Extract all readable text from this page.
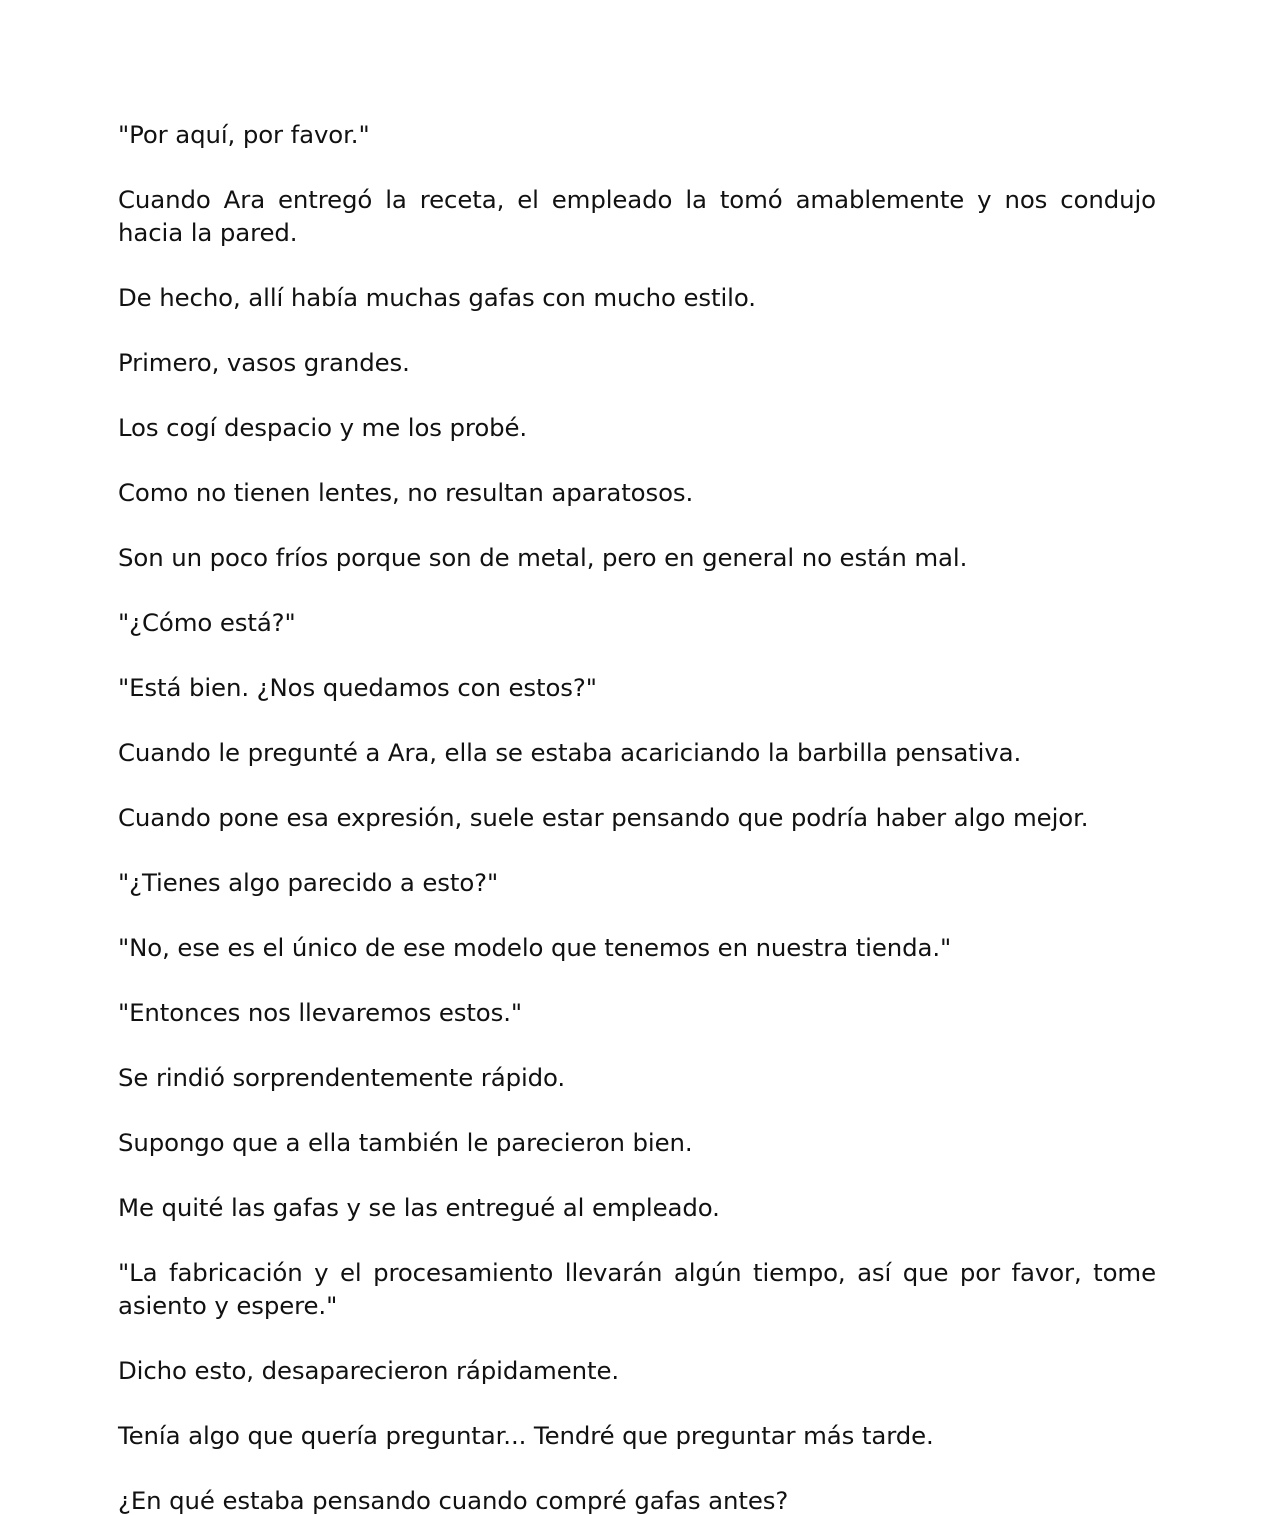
"Por aquí, por favor."

Cuando Ara entregó la receta, el empleado la tomó amablemente y nos condujo hacia la pared.

De hecho, allí había muchas gafas con mucho estilo.

Primero, vasos grandes.

Los cogí despacio y me los probé.

Como no tienen lentes, no resultan aparatosos.

Son un poco fríos porque son de metal, pero en general no están mal.

"¿Cómo está?"

"Está bien. ¿Nos quedamos con estos?"

Cuando le pregunté a Ara, ella se estaba acariciando la barbilla pensativa.

Cuando pone esa expresión, suele estar pensando que podría haber algo mejor.

"¿Tienes algo parecido a esto?"

"No, ese es el único de ese modelo que tenemos en nuestra tienda."

"Entonces nos llevaremos estos."

Se rindió sorprendentemente rápido.

Supongo que a ella también le parecieron bien.

Me quité las gafas y se las entregué al empleado.

"La fabricación y el procesamiento llevarán algún tiempo, así que por favor, tome asiento y espere."

Dicho esto, desaparecieron rápidamente.

Tenía algo que quería preguntar... Tendré que preguntar más tarde.

¿En qué estaba pensando cuando compré gafas antes?
